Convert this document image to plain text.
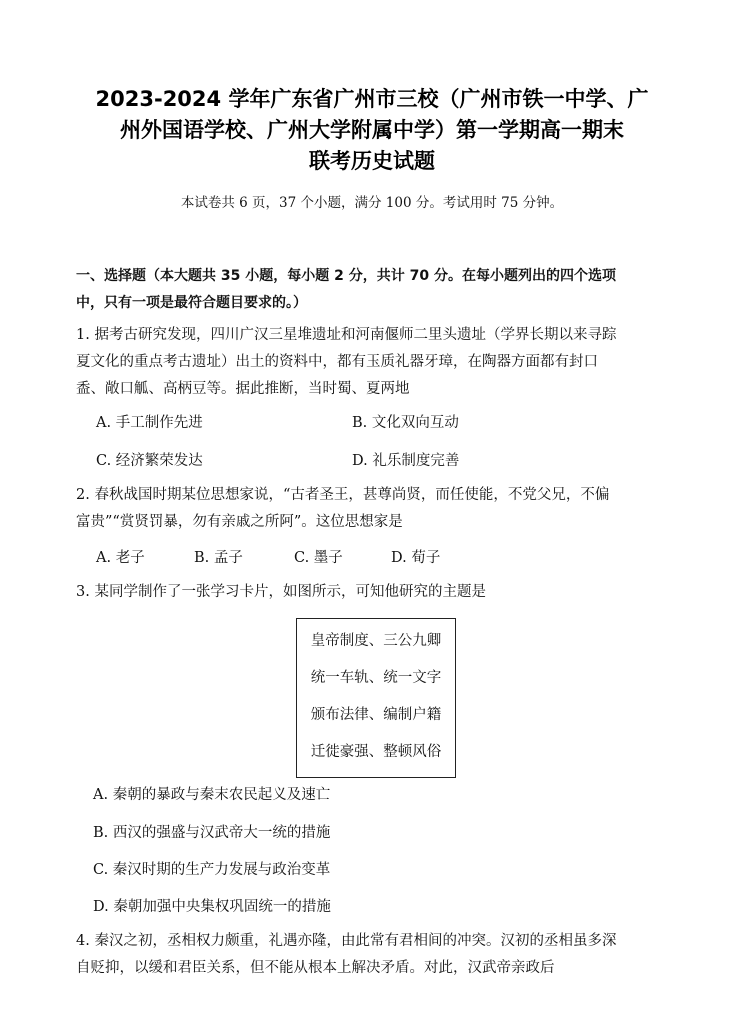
2023-2024 学年广东省广州市三校（广州市铁一中学、广
州外国语学校、广州大学附属中学）第一学期高一期末
联考历史试题
本试卷共 6 页，37 个小题，满分 100 分。考试用时 75 分钟。
一、选择题（本大题共 35 小题，每小题 2 分，共计 70 分。在每小题列出的四个选项
中，只有一项是最符合题目要求的。）
1. 据考古研究发现，四川广汉三星堆遗址和河南偃师二里头遗址（学界长期以来寻踪
夏文化的重点考古遗址）出土的资料中，都有玉质礼器牙璋，在陶器方面都有封口
盉、敞口觚、高柄豆等。据此推断，当时蜀、夏两地
A. 手工制作先进	B. 文化双向互动
C. 经济繁荣发达	D. 礼乐制度完善
2. 春秋战国时期某位思想家说，“古者圣王，甚尊尚贤，而任使能，不党父兄，不偏
富贵”“赏贤罚暴，勿有亲戚之所阿”。这位思想家是
A. 老子	B. 孟子	C. 墨子	D. 荀子
3. 某同学制作了一张学习卡片，如图所示，可知他研究的主题是
皇帝制度、三公九卿
统一车轨、统一文字
颁布法律、编制户籍
迁徙豪强、整顿风俗
A. 秦朝的暴政与秦末农民起义及速亡
B. 西汉的强盛与汉武帝大一统的措施
C. 秦汉时期的生产力发展与政治变革
D. 秦朝加强中央集权巩固统一的措施
4. 秦汉之初，丞相权力颇重，礼遇亦隆，由此常有君相间的冲突。汉初的丞相虽多深
自贬抑，以缓和君臣关系，但不能从根本上解决矛盾。对此，汉武帝亲政后
